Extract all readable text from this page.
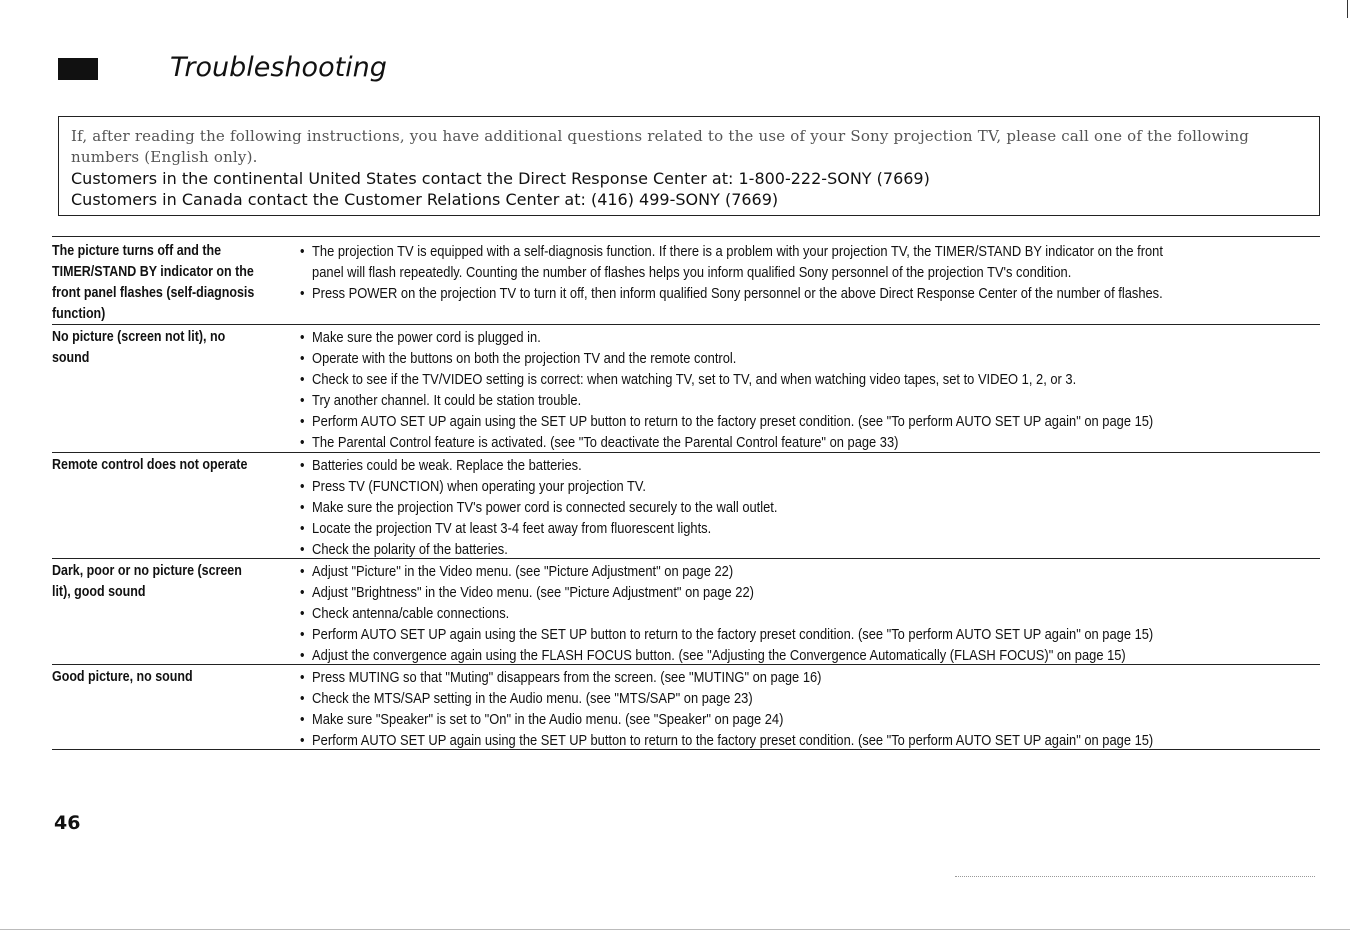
Troubleshooting
If, after reading the following instructions, you have additional questions related to the use of your Sony projection TV, please call one of the following
numbers (English only).
Customers in the continental United States contact the Direct Response Center at: 1-800-222-SONY (7669)
Customers in Canada contact the Customer Relations Center at: (416) 499-SONY (7669)
The picture turns off and the TIMER/STAND BY indicator on the front panel flashes (self-diagnosis function)
• The projection TV is equipped with a self-diagnosis function. If there is a problem with your projection TV, the TIMER/STAND BY indicator on the front
panel will flash repeatedly. Counting the number of flashes helps you inform qualified Sony personnel of the projection TV's condition.
• Press POWER on the projection TV to turn it off, then inform qualified Sony personnel or the above Direct Response Center of the number of flashes.
No picture (screen not lit), no sound
• Make sure the power cord is plugged in.
• Operate with the buttons on both the projection TV and the remote control.
• Check to see if the TV/VIDEO setting is correct: when watching TV, set to TV, and when watching video tapes, set to VIDEO 1, 2, or 3.
• Try another channel. It could be station trouble.
• Perform AUTO SET UP again using the SET UP button to return to the factory preset condition. (see "To perform AUTO SET UP again" on page 15)
• The Parental Control feature is activated. (see "To deactivate the Parental Control feature" on page 33)
Remote control does not operate	• Batteries could be weak. Replace the batteries.
• Press TV (FUNCTION) when operating your projection TV.
• Make sure the projection TV's power cord is connected securely to the wall outlet.
• Locate the projection TV at least 3-4 feet away from fluorescent lights.
• Check the polarity of the batteries.
Dark, poor or no picture (screen lit), good sound
• Adjust "Picture" in the Video menu. (see "Picture Adjustment" on page 22)
• Adjust "Brightness" in the Video menu. (see "Picture Adjustment" on page 22)
• Check antenna/cable connections.
• Perform AUTO SET UP again using the SET UP button to return to the factory preset condition. (see "To perform AUTO SET UP again" on page 15)
• Adjust the convergence again using the FLASH FOCUS button. (see "Adjusting the Convergence Automatically (FLASH FOCUS)" on page 15)
Good picture, no sound	• Press MUTING so that "Muting" disappears from the screen. (see "MUTING" on page 16)
• Check the MTS/SAP setting in the Audio menu. (see "MTS/SAP" on page 23)
• Make sure "Speaker" is set to "On" in the Audio menu. (see "Speaker" on page 24)
• Perform AUTO SET UP again using the SET UP button to return to the factory preset condition. (see "To perform AUTO SET UP again" on page 15)
46
